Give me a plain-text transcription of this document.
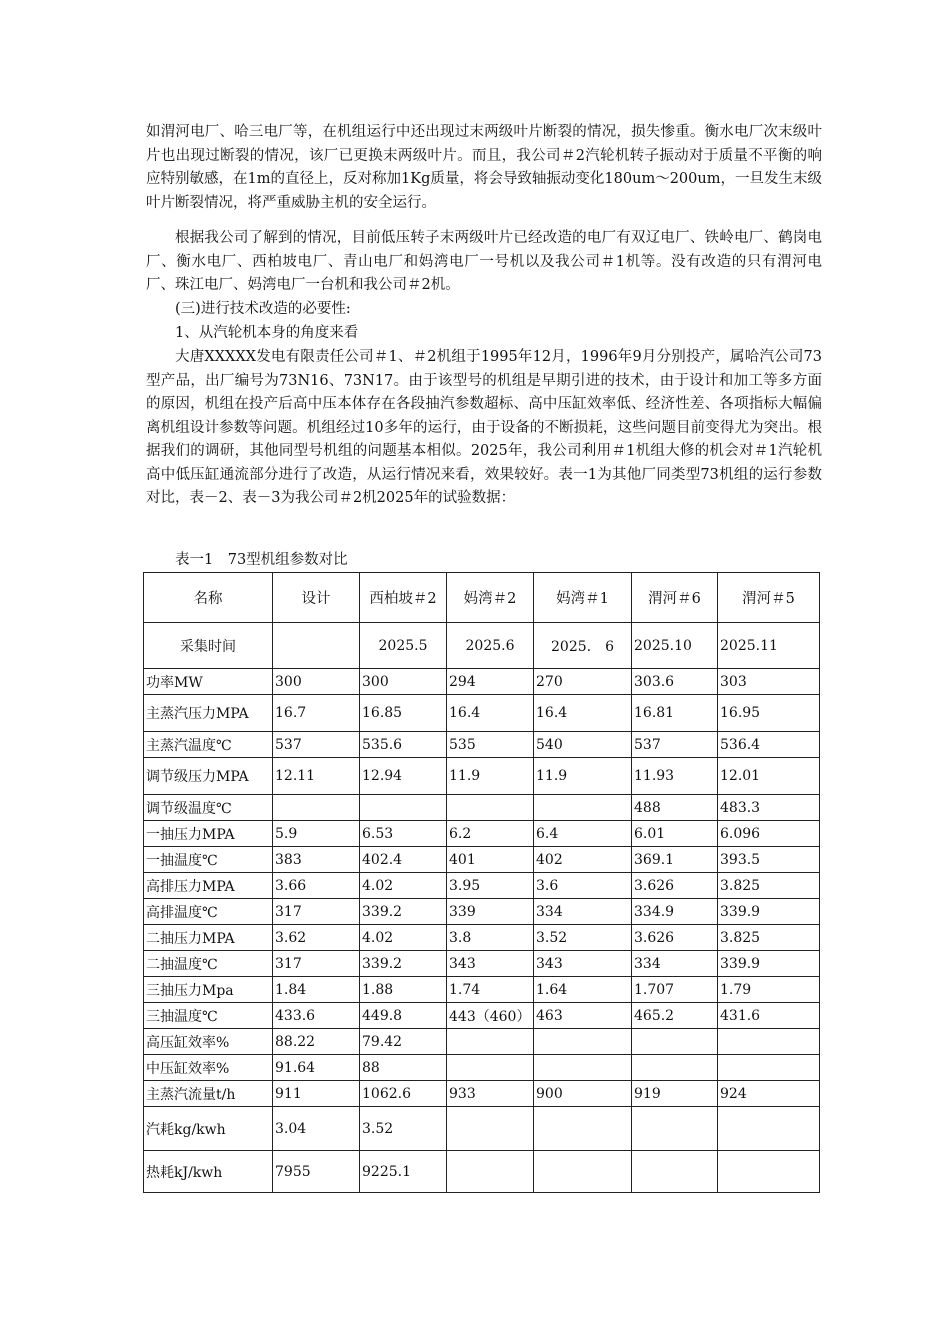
如渭河电厂、哈三电厂等，在机组运行中还出现过末两级叶片断裂的情况，损失惨重。衡水电厂次末级叶片也出现过断裂的情况，该厂已更换末两级叶片。而且，我公司＃2汽轮机转子振动对于质量不平衡的响应特别敏感，在1m的直径上，反对称加1Kg质量，将会导致轴振动变化180um～200um，一旦发生末级叶片断裂情况，将严重威胁主机的安全运行。

根据我公司了解到的情况，目前低压转子末两级叶片已经改造的电厂有双辽电厂、铁岭电厂、鹤岗电厂、衡水电厂、西柏坡电厂、青山电厂和妈湾电厂一号机以及我公司＃1机等。没有改造的只有渭河电厂、珠江电厂、妈湾电厂一台机和我公司＃2机。

(三)进行技术改造的必要性:

1、从汽轮机本身的角度来看

大唐XXXXX发电有限责任公司＃1、＃2机组于1995年12月，1996年9月分别投产，属哈汽公司73型产品，出厂编号为73N16、73N17。由于该型号的机组是早期引进的技术，由于设计和加工等多方面的原因，机组在投产后高中压本体存在各段抽汽参数超标、高中压缸效率低、经济性差、各项指标大幅偏离机组设计参数等问题。机组经过10多年的运行，由于设备的不断损耗，这些问题目前变得尤为突出。根据我们的调研，其他同型号机组的问题基本相似。2025年，我公司利用＃1机组大修的机会对＃1汽轮机高中低压缸通流部分进行了改造，从运行情况来看，效果较好。表一1为其他厂同类型73机组的运行参数对比，表－2、表－3为我公司＃2机2025年的试验数据：

表一1　73型机组参数对比

名称	设计	西柏坡＃2	妈湾＃2	妈湾＃1	渭河＃6	渭河＃5
采集时间		2025.5	2025.6	2025.　6	2025.10	2025.11
功率MW	300	300	294	270	303.6	303
主蒸汽压力MPA	16.7	16.85	16.4	16.4	16.81	16.95
主蒸汽温度℃	537	535.6	535	540	537	536.4
调节级压力MPA	12.11	12.94	11.9	11.9	11.93	12.01
调节级温度℃					488	483.3
一抽压力MPA	5.9	6.53	6.2	6.4	6.01	6.096
一抽温度℃	383	402.4	401	402	369.1	393.5
高排压力MPA	3.66	4.02	3.95	3.6	3.626	3.825
高排温度℃	317	339.2	339	334	334.9	339.9
二抽压力MPA	3.62	4.02	3.8	3.52	3.626	3.825
二抽温度℃	317	339.2	343	343	334	339.9
三抽压力Mpa	1.84	1.88	1.74	1.64	1.707	1.79
三抽温度℃	433.6	449.8	443（460）	463	465.2	431.6
高压缸效率%	88.22	79.42				
中压缸效率%	91.64	88				
主蒸汽流量t/h	911	1062.6	933	900	919	924
汽耗kg/kwh	3.04	3.52				
热耗kJ/kwh	7955	9225.1				
